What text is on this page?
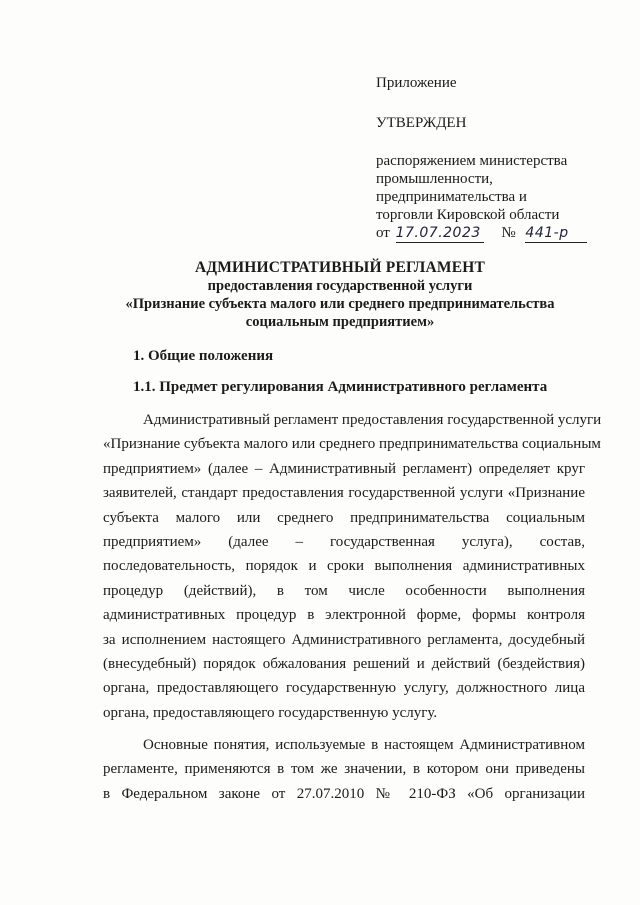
Приложение

УТВЕРЖДЕН

распоряжением министерства
промышленности,
предпринимательства и
торговли Кировской области
от 17.07.2023 № 441-р
АДМИНИСТРАТИВНЫЙ РЕГЛАМЕНТ
предоставления государственной услуги
«Признание субъекта малого или среднего предпринимательства
социальным предприятием»
1. Общие положения
1.1. Предмет регулирования Административного регламента
Административный регламент предоставления государственной услуги
«Признание субъекта малого или среднего предпринимательства социальным
предприятием» (далее – Административный регламент) определяет круг
заявителей, стандарт предоставления государственной услуги «Признание
субъекта малого или среднего предпринимательства социальным
предприятием» (далее – государственная услуга), состав,
последовательность, порядок и сроки выполнения административных
процедур (действий), в том числе особенности выполнения
административных процедур в электронной форме, формы контроля
за исполнением настоящего Административного регламента, досудебный
(внесудебный) порядок обжалования решений и действий (бездействия)
органа, предоставляющего государственную услугу, должностного лица
органа, предоставляющего государственную услугу.
Основные понятия, используемые в настоящем Административном
регламенте, применяются в том же значении, в котором они приведены
в Федеральном законе от 27.07.2010 № 210-ФЗ «Об организации
